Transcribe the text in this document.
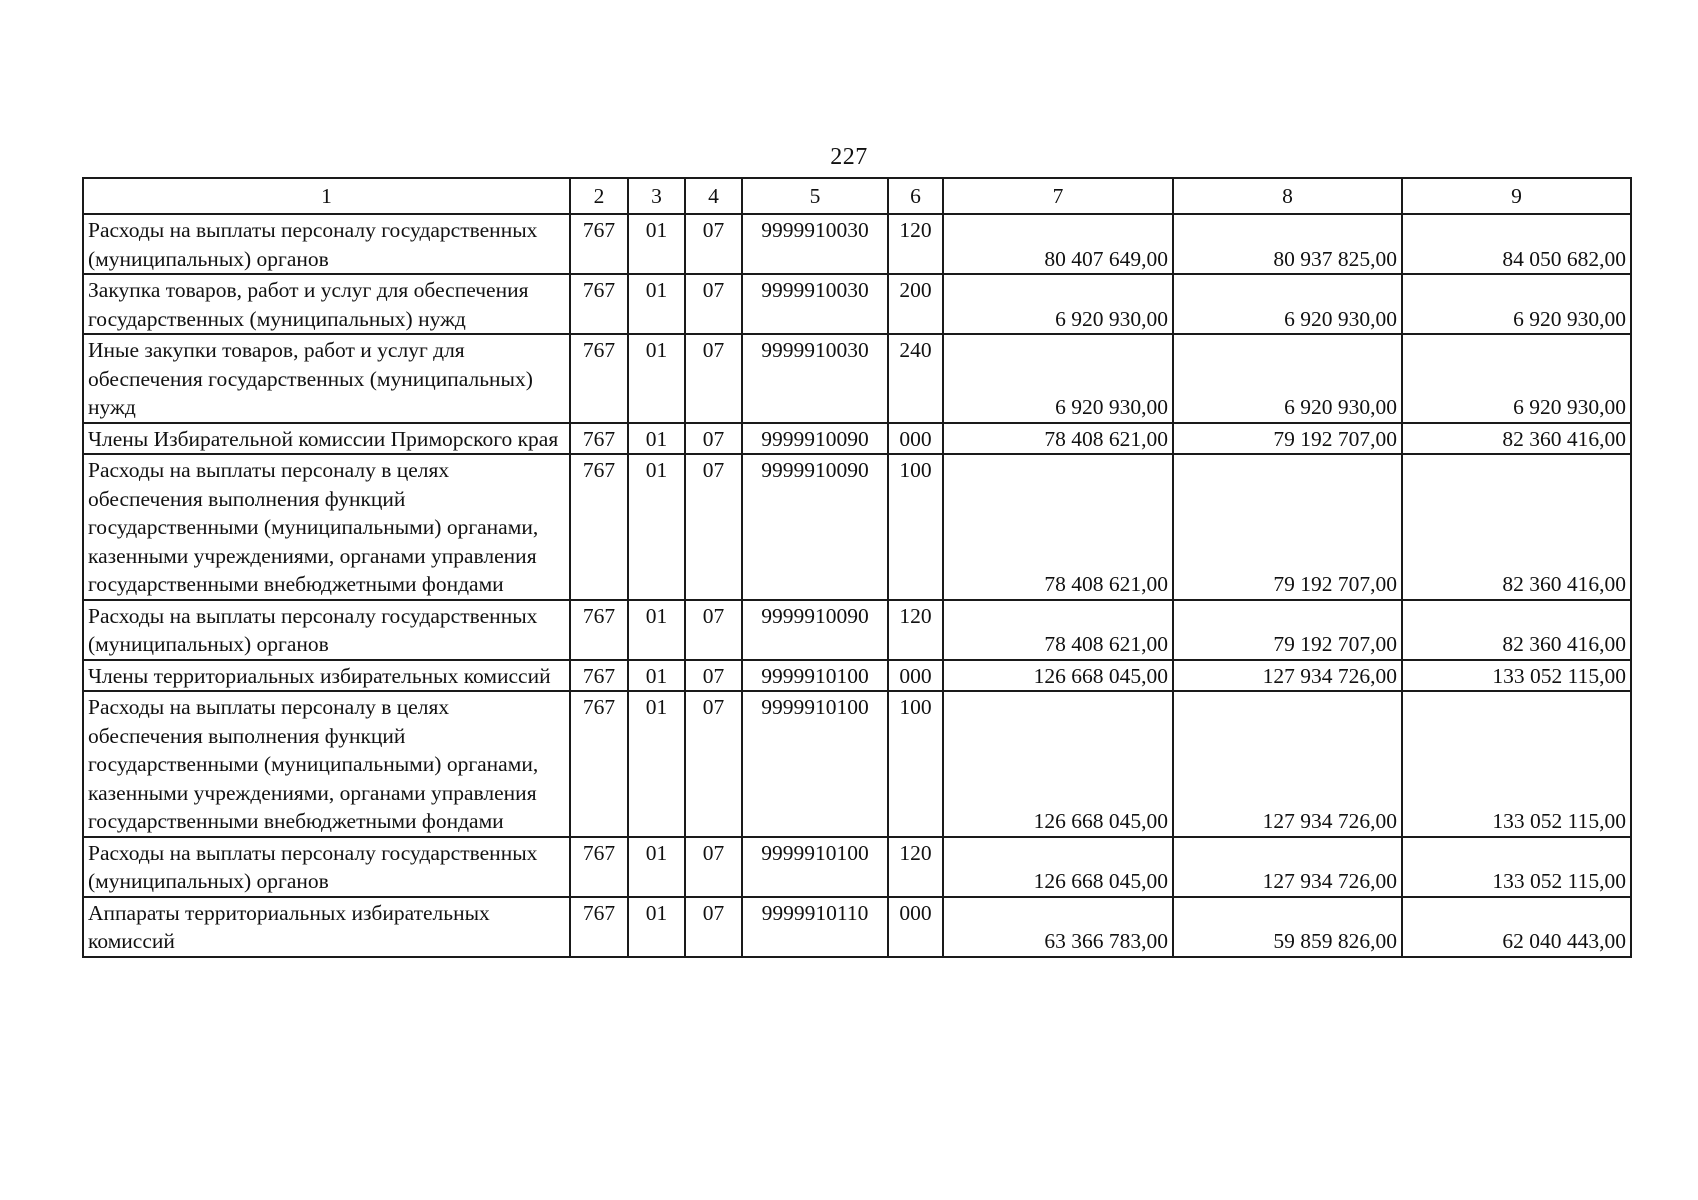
227
1	2	3	4	5	6	7	8	9
Расходы на выплаты персоналу государственных (муниципальных) органов	767	01	07	9999910030	120	80 407 649,00	80 937 825,00	84 050 682,00
Закупка товаров, работ и услуг для обеспечения государственных (муниципальных) нужд	767	01	07	9999910030	200	6 920 930,00	6 920 930,00	6 920 930,00
Иные закупки товаров, работ и услуг для обеспечения государственных (муниципальных) нужд	767	01	07	9999910030	240	6 920 930,00	6 920 930,00	6 920 930,00
Члены Избирательной комиссии Приморского края	767	01	07	9999910090	000	78 408 621,00	79 192 707,00	82 360 416,00
Расходы на выплаты персоналу в целях обеспечения выполнения функций государственными (муниципальными) органами, казенными учреждениями, органами управления государственными внебюджетными фондами	767	01	07	9999910090	100	78 408 621,00	79 192 707,00	82 360 416,00
Расходы на выплаты персоналу государственных (муниципальных) органов	767	01	07	9999910090	120	78 408 621,00	79 192 707,00	82 360 416,00
Члены территориальных избирательных комиссий	767	01	07	9999910100	000	126 668 045,00	127 934 726,00	133 052 115,00
Расходы на выплаты персоналу в целях обеспечения выполнения функций государственными (муниципальными) органами, казенными учреждениями, органами управления государственными внебюджетными фондами	767	01	07	9999910100	100	126 668 045,00	127 934 726,00	133 052 115,00
Расходы на выплаты персоналу государственных (муниципальных) органов	767	01	07	9999910100	120	126 668 045,00	127 934 726,00	133 052 115,00
Аппараты территориальных избирательных комиссий	767	01	07	9999910110	000	63 366 783,00	59 859 826,00	62 040 443,00
